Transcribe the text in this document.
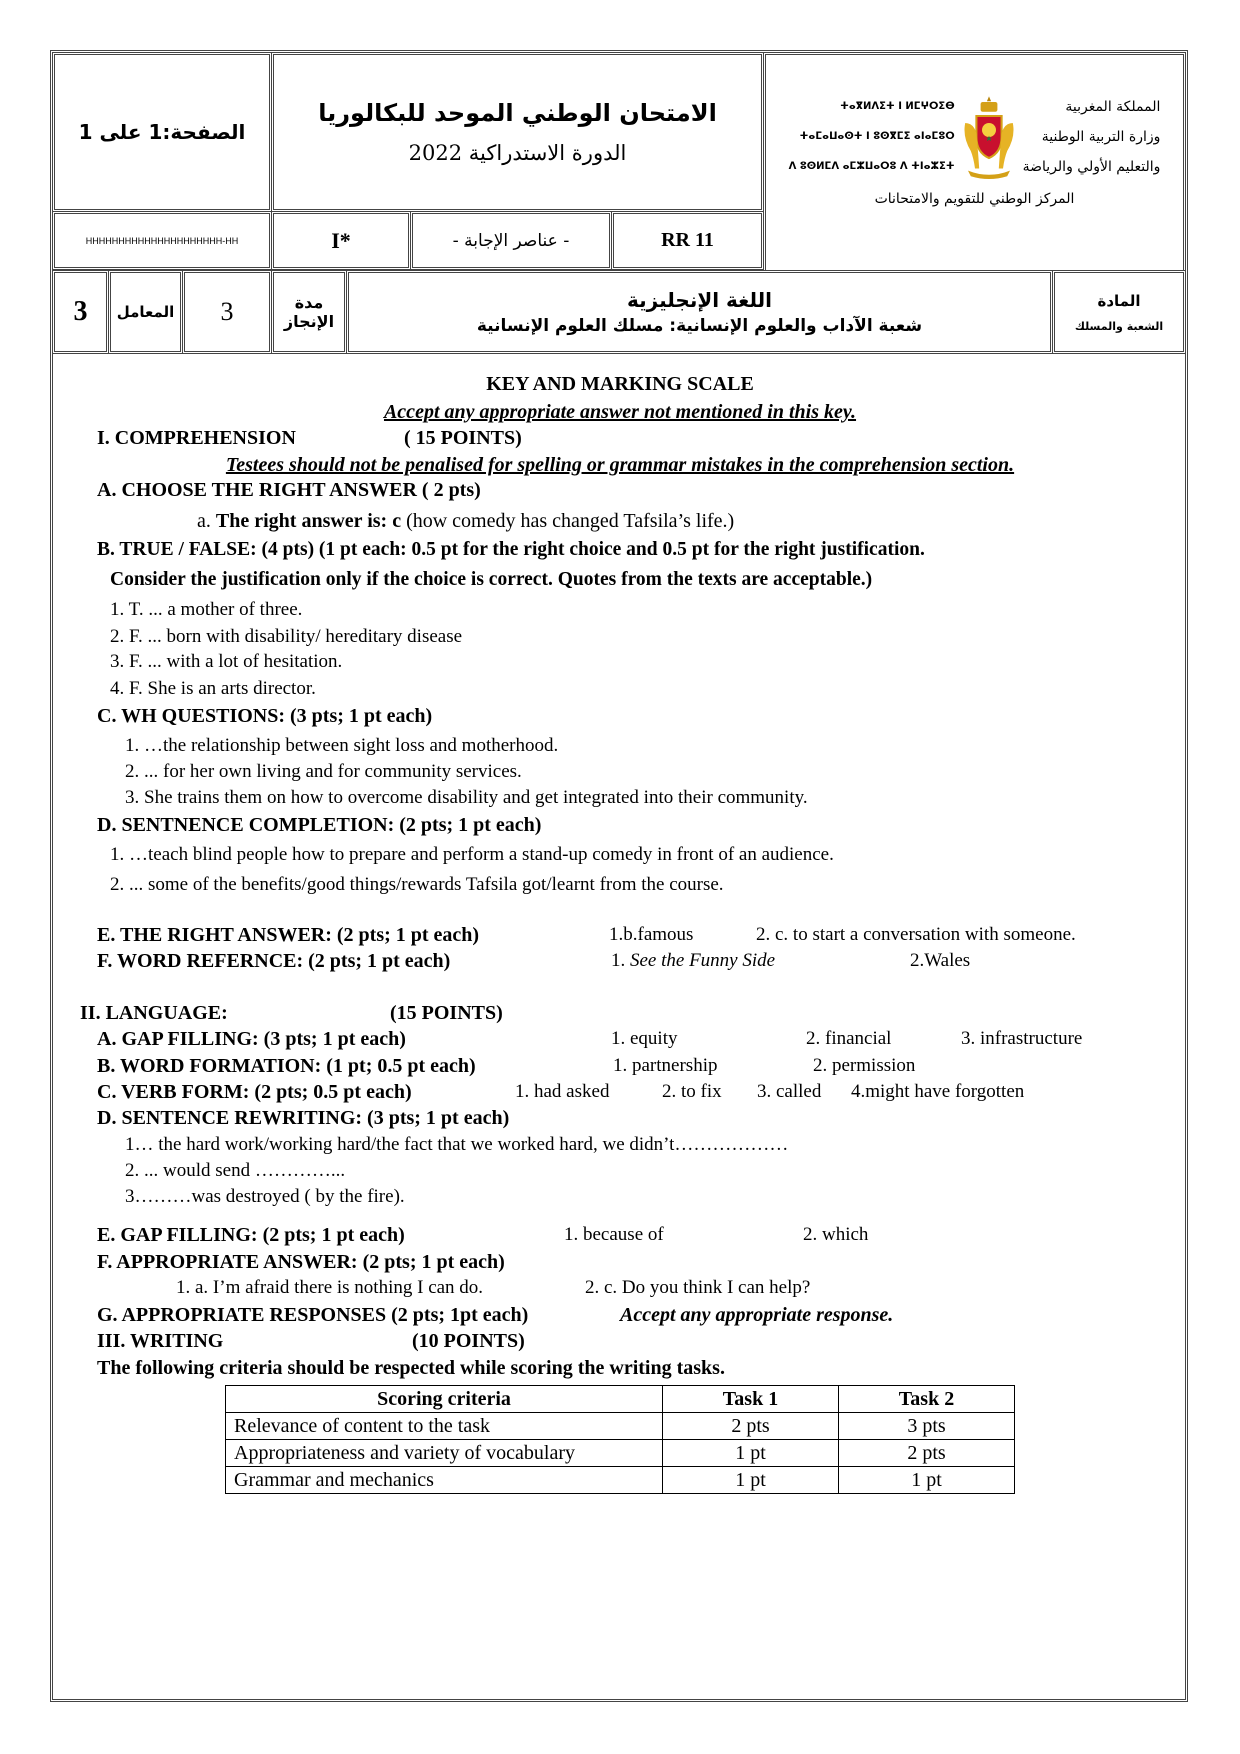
الصفحة:1 على 1
الامتحان الوطني الموحد للبكالوريا
الدورة الاستدراكية 2022
ⵜⴰⴳⵍⴷⵉⵜ ⵏ ⵍⵎⵖⵔⵉⴱ
ⵜⴰⵎⴰⵡⴰⵙⵜ ⵏ ⵓⵙⴳⵎⵉ ⴰⵏⴰⵎⵓⵔ
ⴷ ⵓⵙⵍⵎⴷ ⴰⵎⵣⵡⴰⵔⵓ ⴷ ⵜⵏⴰⵣⵉⵜ
المملكة المغربية
وزارة التربية الوطنية
والتعليم الأولي والرياضة
المركز الوطني للتقويم والامتحانات
HHHHHHHHHHHHHHHHHHHHH-HH	I*	- عناصر الإجابة -	RR 11
3 المعامل 3	مدة
الإنجاز
اللغة الإنجليزية
شعبة الآداب والعلوم الإنسانية: مسلك العلوم الإنسانية
المادة
الشعبة والمسلك
KEY AND MARKING SCALE
Accept any appropriate answer not mentioned in this key.
I. COMPREHENSION	( 15 POINTS)
Testees should not be penalised for spelling or grammar mistakes in the comprehension section.
A. CHOOSE THE RIGHT ANSWER ( 2 pts)
a. The right answer is: c (how comedy has changed Tafsila’s life.)
B. TRUE / FALSE: (4 pts) (1 pt each: 0.5 pt for the right choice and 0.5 pt for the right justification.
Consider the justification only if the choice is correct. Quotes from the texts are acceptable.)
1. T. ... a mother of three.
2. F. ... born with disability/ hereditary disease
3. F. ... with a lot of hesitation.
4. F. She is an arts director.
C. WH QUESTIONS: (3 pts; 1 pt each)
1. …the relationship between sight loss and motherhood.
2. ... for her own living and for community services.
3. She trains them on how to overcome disability and get integrated into their community.
D. SENTNENCE COMPLETION: (2 pts; 1 pt each)
1. …teach blind people how to prepare and perform a stand-up comedy in front of an audience.
2. ... some of the benefits/good things/rewards Tafsila got/learnt from the course.
E. THE RIGHT ANSWER: (2 pts; 1 pt each)	1.b.famous	2. c. to start a conversation with someone.
F. WORD REFERNCE: (2 pts; 1 pt each)	1. See the Funny Side	2.Wales
II. LANGUAGE:	(15 POINTS)
A. GAP FILLING: (3 pts; 1 pt each)	1. equity	2. financial	3. infrastructure
B. WORD FORMATION: (1 pt; 0.5 pt each)	1. partnership	2. permission
C. VERB FORM: (2 pts; 0.5 pt each)	1. had asked	2. to fix 3. called 4.might have forgotten
D. SENTENCE REWRITING: (3 pts; 1 pt each)
1… the hard work/working hard/the fact that we worked hard, we didn’t………………
2. ... would send …………...
3………was destroyed ( by the fire).
E. GAP FILLING: (2 pts; 1 pt each)	1. because of	2. which
F. APPROPRIATE ANSWER: (2 pts; 1 pt each)
1. a. I’m afraid there is nothing I can do.	2. c. Do you think I can help?
G. APPROPRIATE RESPONSES (2 pts; 1pt each)	Accept any appropriate response.
III. WRITING	(10 POINTS)
The following criteria should be respected while scoring the writing tasks.
Scoring criteria	Task 1	Task 2
Relevance of content to the task	2 pts	3 pts
Appropriateness and variety of vocabulary	1 pt	2 pts
Grammar and mechanics	1 pt	1 pt
